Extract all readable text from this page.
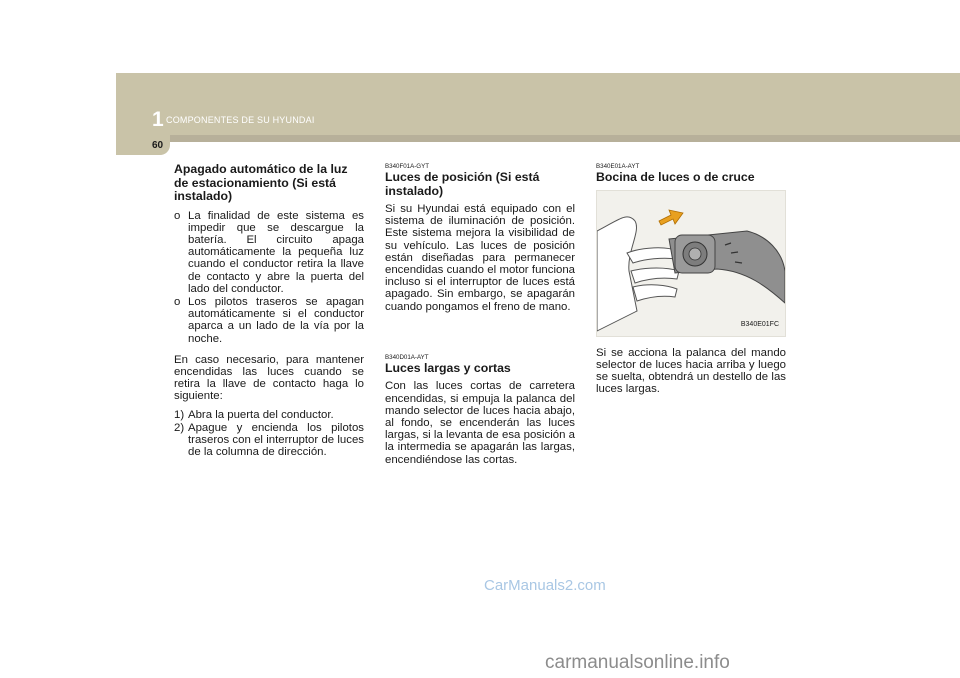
1 COMPONENTES DE SU HYUNDAI
60
Apagado automático de la luz de estacionamiento (Si está instalado)
o La finalidad de este sistema es impedir que se descargue la batería. El circuito apaga automáticamente la pequeña luz cuando el conductor retira la llave de contacto y abre la puerta del lado del conductor.
o Los pilotos traseros se apagan automáticamente si el conductor aparca a un lado de la vía por la noche.

En caso necesario, para mantener encendidas las luces cuando se retira la llave de contacto haga lo siguiente:

1) Abra la puerta del conductor.
2) Apague y encienda los pilotos traseros con el interruptor de luces de la columna de dirección.
B340F01A-GYT
Luces de posición (Si está instalado)

Si su Hyundai está equipado con el sistema de iluminación de posición. Este sistema mejora la visibilidad de su vehículo. Las luces de posición están diseñadas para permanecer encendidas cuando el motor funciona incluso si el interruptor de luces está apagado. Sin embargo, se apagarán cuando pongamos el freno de mano.

B340D01A-AYT
Luces largas y cortas

Con las luces cortas de carretera encendidas, si empuja la palanca del mando selector de luces hacia abajo, al fondo, se encenderán las luces largas, si la levanta de esa posición a la intermedia se apagarán las largas, encendiéndose las cortas.

B340E01A-AYT
Bocina de luces o de cruce
B340E01FC

Si se acciona la palanca del mando selector de luces hacia arriba y luego se suelta, obtendrá un destello de las luces largas.

CarManuals2.com
carmanualsonline.info
